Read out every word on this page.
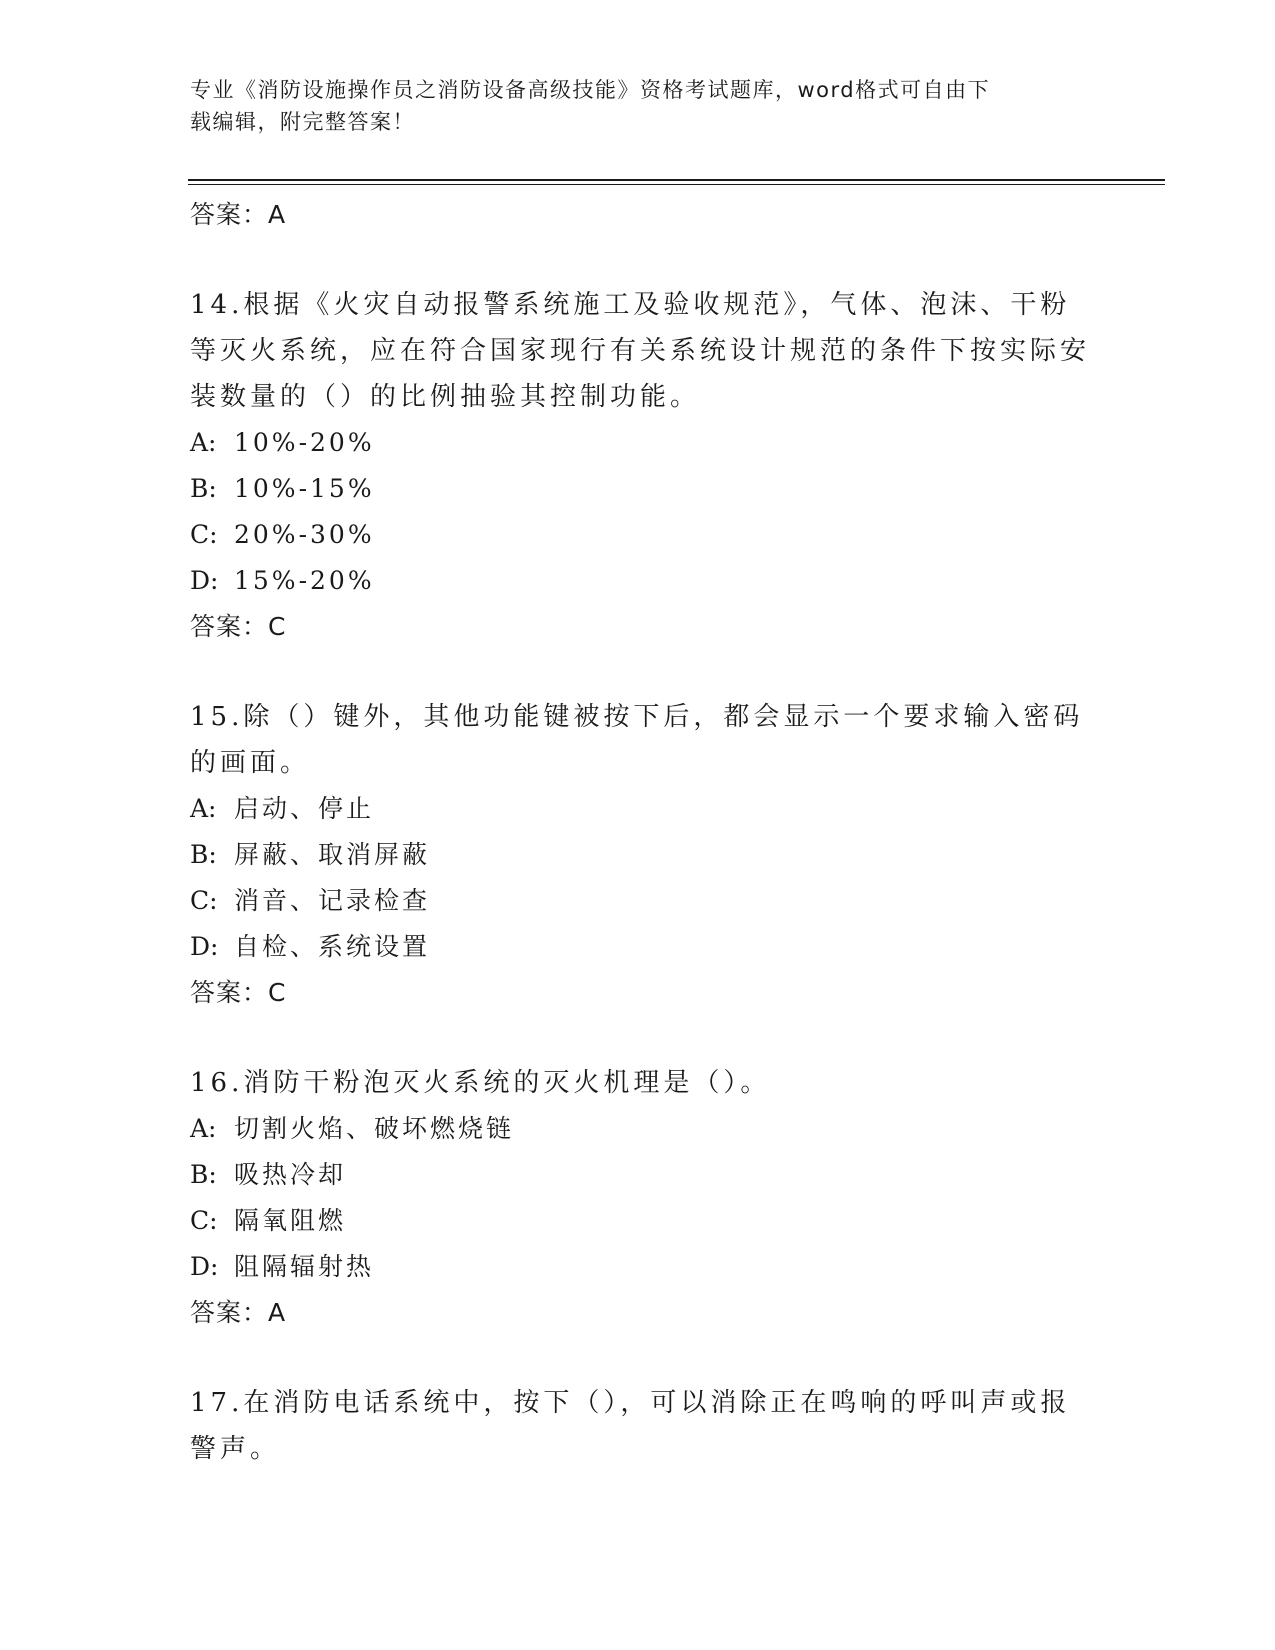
专业《消防设施操作员之消防设备高级技能》资格考试题库，word格式可自由下
载编辑，附完整答案！
答案：A
14.根据《火灾自动报警系统施工及验收规范》，气体、泡沫、干粉等灭火系统，应在符合国家现行有关系统设计规范的条件下按实际安装数量的（）的比例抽验其控制功能。
A: 10%-20%
B: 10%-15%
C: 20%-30%
D: 15%-20%
答案：C
15.除（）键外，其他功能键被按下后，都会显示一个要求输入密码的画面。
A: 启动、停止
B: 屏蔽、取消屏蔽
C: 消音、记录检查
D: 自检、系统设置
答案：C
16.消防干粉泡灭火系统的灭火机理是（）。
A: 切割火焰、破坏燃烧链
B: 吸热冷却
C: 隔氧阻燃
D: 阻隔辐射热
答案：A
17.在消防电话系统中，按下（），可以消除正在鸣响的呼叫声或报警声。
